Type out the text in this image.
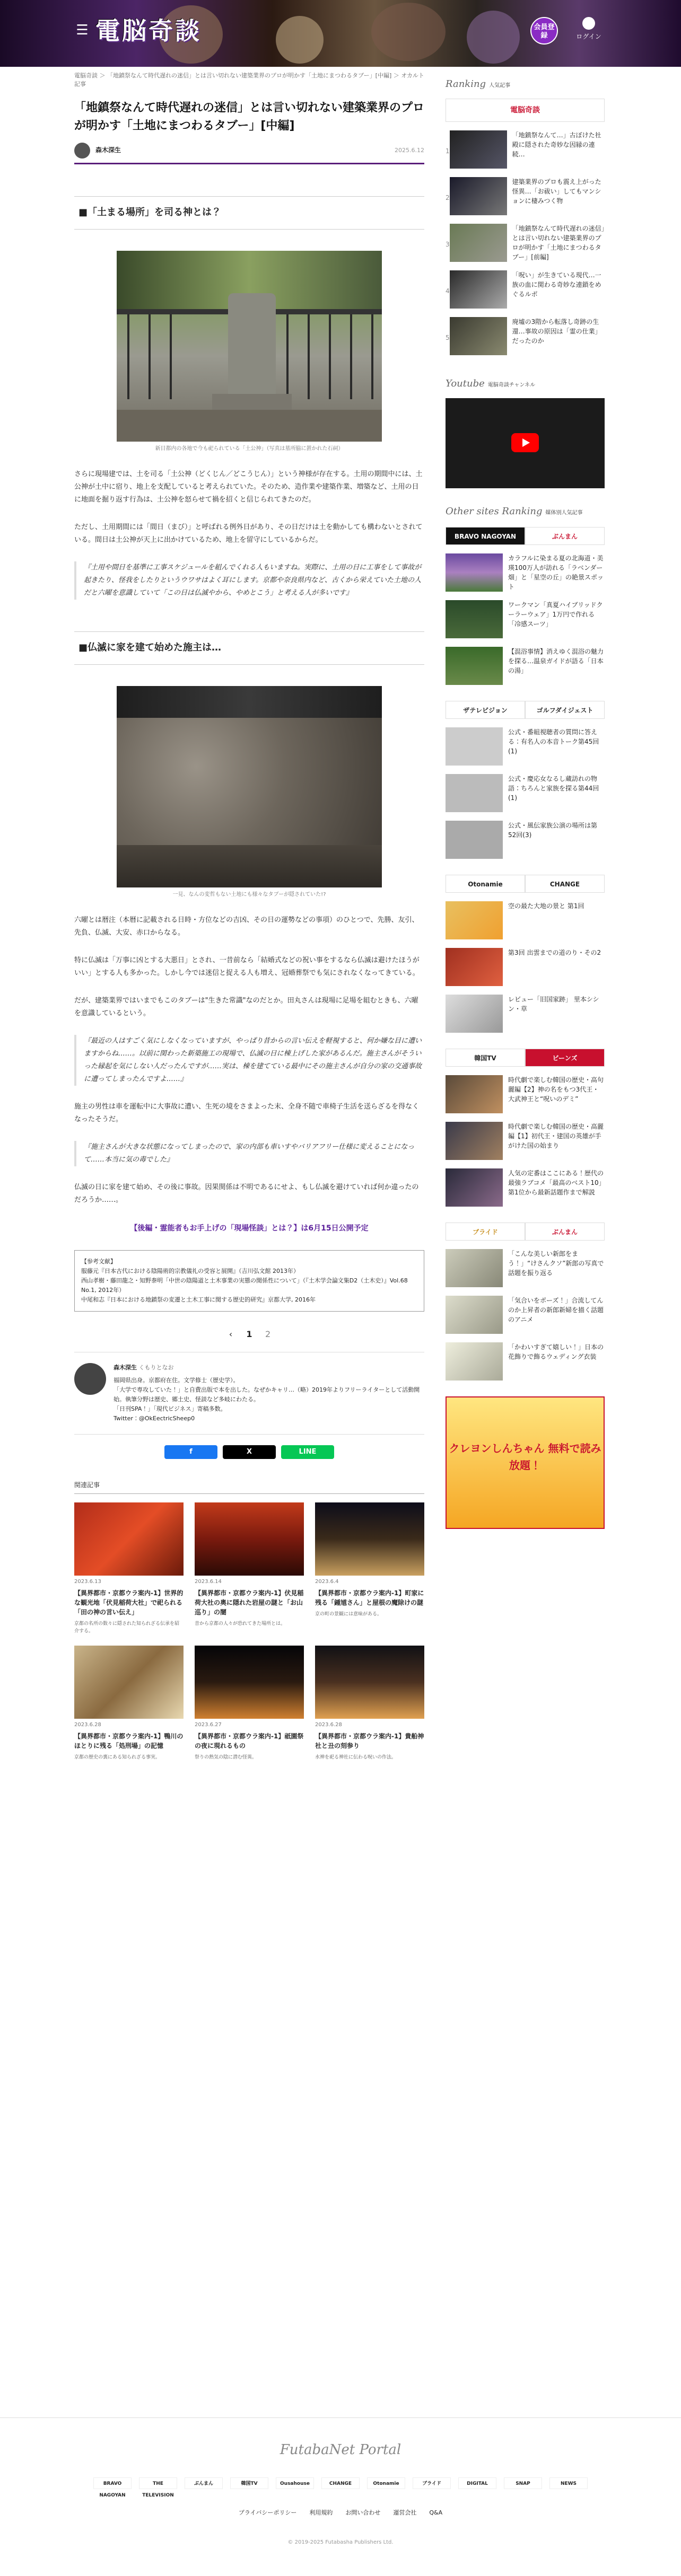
☰ 電脳奇談	会員登録	ログイン
電脳奇談 ＞ 「地鎮祭なんて時代遅れの迷信」とは言い切れない建築業界のプロが明かす「土地にまつわるタブー」[中編] ＞ オカルト記事
「地鎮祭なんて時代遅れの迷信」とは言い切れない建築業界のプロが明かす「土地にまつわるタブー」[中編]
森木深生	2025.6.12
■「土まる場所」を司る神とは？
新目都内の各地で今も祀られている「土公神」（写真は墓所脇に置かれた石祠）

さらに現場建では、土を司る「土公神（どくじん／どこうじん）」という神様が存在する。土用の期間中には、土公神が土中に宿り、地上を支配していると考えられていた。そのため、造作業や建築作業、増築など、土用の日に地面を掘り返す行為は、土公神を怒らせて禍を招くと信じられてきたのだ。

ただし、土用期間には「間日（まび）」と呼ばれる例外日があり、その日だけは土を動かしても構わないとされている。間日は土公神が天上に出かけているため、地上を留守にしているからだ。

『土用や間日を基準に工事スケジュールを組んでくれる人もいますね。実際に、土用の日に工事をして事故が起きたり、怪我をしたりというウワサはよく耳にします。京都や奈良県内など、古くから栄えていた土地の人だと六曜を意識していて「この日は仏滅やから、やめとこう」と考える人が多いです』

■仏滅に家を建て始めた施主は…
一見、なんの変哲もない土地にも様々なタブーが隠されていた!?

六曜とは暦注（本暦に記載される日時・方位などの吉凶、その日の運勢などの事項）のひとつで、先勝、友引、先負、仏滅、大安、赤口からなる。

特に仏滅は「万事に凶とする大悪日」とされ、一昔前なら「結婚式などの祝い事をするなら仏滅は避けたほうがいい」とする人も多かった。しかし今では迷信と捉える人も増え、冠婚葬祭でも気にされなくなってきている。

だが、建築業界ではいまでもこのタブーは"生きた常識"なのだとか。田丸さんは現場に足場を組むときも、六曜を意識しているという。

『最近の人はすごく気にしなくなっていますが、やっぱり昔からの言い伝えを軽視すると、何か嫌な目に遭いますからね……。以前に関わった新築施工の現場で、仏滅の日に棟上げした家があるんだ。施主さんがそういった縁起を気にしない人だったんですが……実は、棟を建てている最中にその施主さんが自分の家の交通事故に遭ってしまったんですよ……』

施主の男性は車を運転中に大事故に遭い、生死の境をさまよった末、全身不随で車椅子生活を送らざるを得なくなったそうだ。

『施主さんが大きな状態になってしまったので、家の内部も車いすやバリアフリー仕様に変えることになって……本当に気の毒でした』

仏滅の日に家を建て始め、その後に事故。因果関係は不明であるにせよ、もし仏滅を避けていれば何か違ったのだろうか……。

【後編・霊能者もお手上げの「現場怪談」とは？】は6月15日公開予定
【参考文献】
服藤元『日本古代における陰陽術的宗教儀礼の受容と展開』（吉川弘文館 2013年）
西山孝樹・藤田龍之・知野泰明「中世の陰陽道と土木事業の実態の関係性について」（『土木学会論文集D2（土木史）』Vol.68 No.1, 2012年）
中尾和志『日本における地鎮祭の変遷と土木工事に関する歴史的研究』京都大学, 2016年
‹ 1 2
森木深生 くもりとなお
福岡県出身。京都府在住。文学修士（歴史学）。
「大学で専攻していた！」と自費出版で本を出した。なぜかキャリ…（略）2019年よりフリーライターとして活動開始。執筆分野は歴史、郷土史、怪談など多岐にわたる。
「日刊SPA！」「現代ビジネス」寄稿多数。
Twitter：@OkEectricSheep0
f	X	LINE
関連記事
2023.6.13
【異界都市・京都ウラ案内-1】世界的な観光地「伏見稲荷大社」で祀られる「田の神の言い伝え」
京都の名所の数々に隠された知られざる伝承を紹介する。
2023.6.14
【異界都市・京都ウラ案内-1】伏見稲荷大社の奥に隠れた岩屋の謎と「お山巡り」の闇
昔から京都の人々が恐れてきた場所とは。
2023.6.4
【異界都市・京都ウラ案内-1】町家に残る「鍾馗さん」と屋根の魔除けの謎
京の町の景観には意味がある。
2023.6.28
【異界都市・京都ウラ案内-1】鴨川のほとりに残る「処刑場」の記憶
京都の歴史の裏にある知られざる事実。
2023.6.27
【異界都市・京都ウラ案内-1】祇園祭の夜に現れるもの
祭りの熱気の陰に潜む怪異。
2023.6.28
【異界都市・京都ウラ案内-1】貴船神社と丑の刻参り
水神を祀る神社に伝わる呪いの作法。
Ranking 人気記事
電脳奇談
1
「地鎮祭なんて…」古ぼけた社殿に隠された奇妙な因縁の連続…
2
建築業界のプロも震え上がった怪異…「お祓い」してもマンションに棲みつく物
3
「地鎮祭なんて時代遅れの迷信」とは言い切れない建築業界のプロが明かす「土地にまつわるタブー」[前編]
4
「呪い」が生きている現代…一族の血に関わる奇妙な連鎖をめぐるルポ
5
廃墟の3階から転落し奇跡の生還…事故の原因は「霊の仕業」だったのか
Youtube 電脳奇談チャンネル
Other sites Ranking 媒体別人気記事
BRAVO NAGOYAN	ぶんまん
カラフルに染まる夏の北海道・美瑛100万人が訪れる「ラベンダー畑」と「星空の丘」の絶景スポット
ワークマン「真夏ハイブリッドクーラーウェア」1万円で作れる「冷感スーツ」
【混浴事情】消えゆく混浴の魅力を探る…温泉ガイドが語る「日本の湯」
ザテレビジョン	ゴルフダイジェスト
公式・番組視聴者の質問に答える：有名人の本音トーク第45回(1)
公式・慶応女なるし蔵訪れの物語：ちろんと家族を探る第44回(1)
公式・風伝家族公演の場所は第52回(3)
Otonamie	CHANGE
空の最た大地の景と 第1回
第3回 出雲までの道のり・その2
レビュー「旧国家跡」 里本シシン・草
韓国TV	ビーンズ
時代劇で楽しむ韓国の歴史・高句麗編【2】神の名をもつ3代王・大武神王と“呪いのデミ”
時代劇で楽しむ韓国の歴史・高麗編【1】初代王・建国の英雄が手がけた国の始まり
人気の定番はここにある！歴代の最強ラブコメ「最高のベスト10」第1位から最新話題作まで解説
ブライド	ぶんまん
「こんな美しい新郎をまう！」“けさんクソ”新郎の写真で話題を振り返る
「気合いをポーズ！」合流してんのか上昇者の新郎新婦を描く話題のアニメ
「かわいすぎて嬉しい！」日本の花飾りで飾るウェディング衣装
クレヨンしんちゃん 無料で読み放題！
FutabaNet Portal
BRAVO NAGOYAN
THE TELEVISION
ぶんまん	韓国TV	Ousahouse	CHANGE	Otonamie	ブライド	DIGITAL	SNAP	NEWS
プライバシーポリシー 利用規約 お問い合わせ 運営会社 Q&A
© 2019-2025 Futabasha Publishers Ltd.
